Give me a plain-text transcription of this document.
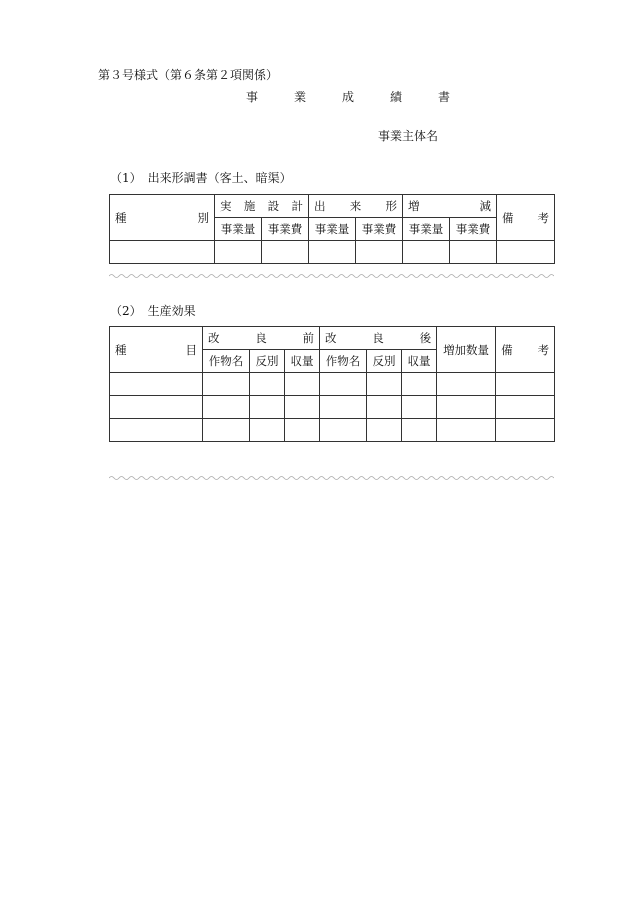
第３号様式（第６条第２項関係）
事業成績書
事業主体名
（1）　出来形調書（客土、暗渠）
種 別	実 施 設 計		出 来 形		増 減		備 考

	事業量	事業費	事業量	事業費	事業量	事業費	

（2）　生産効果
種 目	改 良 前			改 良 後			増加数量	備 考

	作物名	反別	収量	作物名	反別	収量		
